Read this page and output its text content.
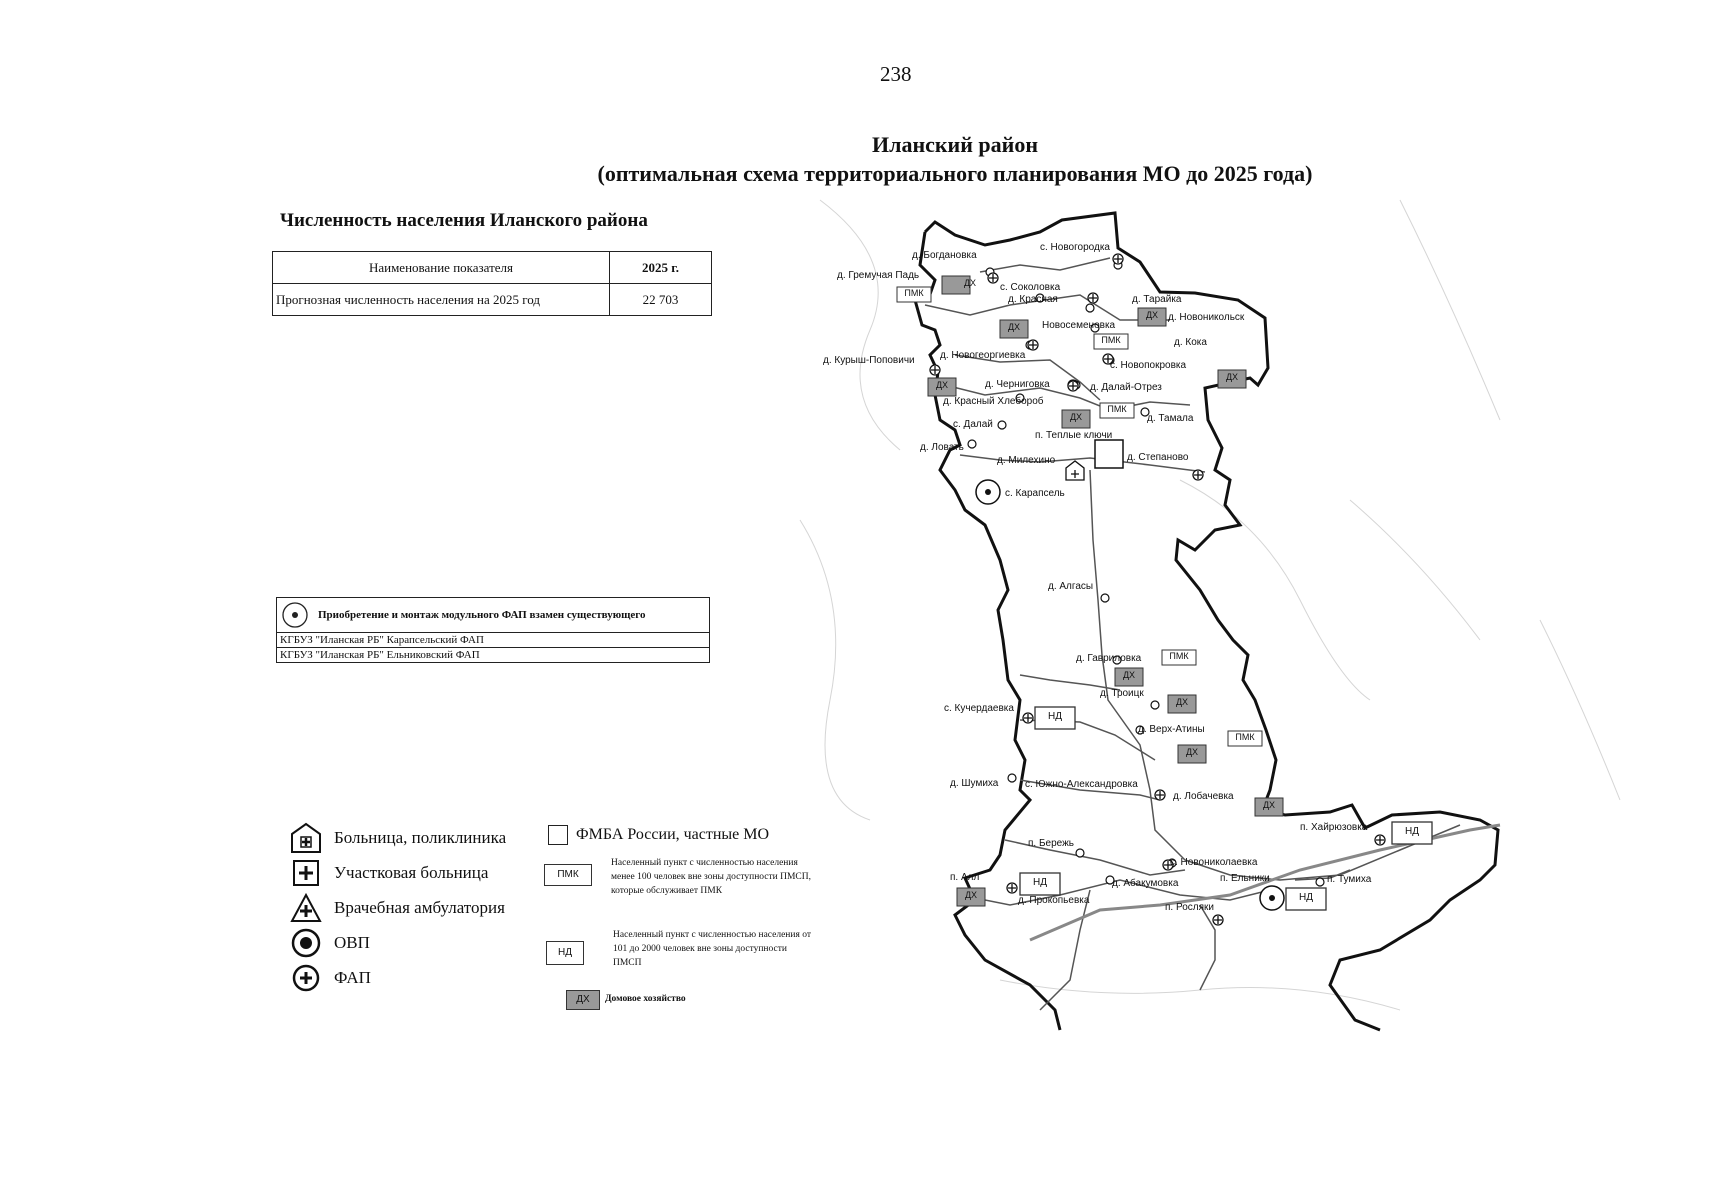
238
Иланский район
(оптимальная схема территориального планирования МО до 2025 года)
Численность населения Иланского района
Наименование показателя	2025 г.
Прогнозная численность населения на 2025 год	22 703
Приобретение и монтаж модульного ФАП взамен существующего

КГБУЗ "Иланская РБ" Карапсельский ФАП
КГБУЗ "Иланская РБ" Ельниковский ФАП
Больница, поликлиника
Участковая больница
Врачебная амбулатория
ОВП
ФАП
ФМБА России, частные МО
ПМК
Населенный пункт с численностью населения менее 100 человек вне зоны доступности ПМСП, которые обслуживает ПМК
НД
Населенный пункт с численностью населения от 101 до 2000 человек вне зоны доступности ПМСП
ДХ	Домовое хозяйство
ДХ
ДХ
ДХ
ДХ
ДХ
ДХ
ДХ
ДХ
ДХ
ДХ
ДХ
ПМК
ПМК
ПМК
ПМК
ПМК
НД
НД
НД
НД
с. Новогородка
д. Богдановка
д. Гремучая Падь
с. Соколовка
д. Красная	д. Тарайка
д. Новоникольск
Новосеменовка
д. Кока
д. Курыш-Поповичи	д. Новогеоргиевка
с. Новопокровка
д. Черниговка	д. Далай-Отрез
д. Красный Хлебороб
д. Тамала
с. Далай
п. Теплые ключи
д. Ловать
д. Милехино	д. Степаново
с. Карапсель
д. Алгасы
д. Гавриловка
д. Троицк
с. Кучердаевка
д. Верх-Атины
д. Шумиха	с. Южно-Александровка
д. Лобачевка
п. Хайрюзовка
п. Бережь
с. Новониколаевка
д. Абакумовка	п. Ельники	п. Тумиха
п. Алл
д. Прокопьевка
п. Росляки
